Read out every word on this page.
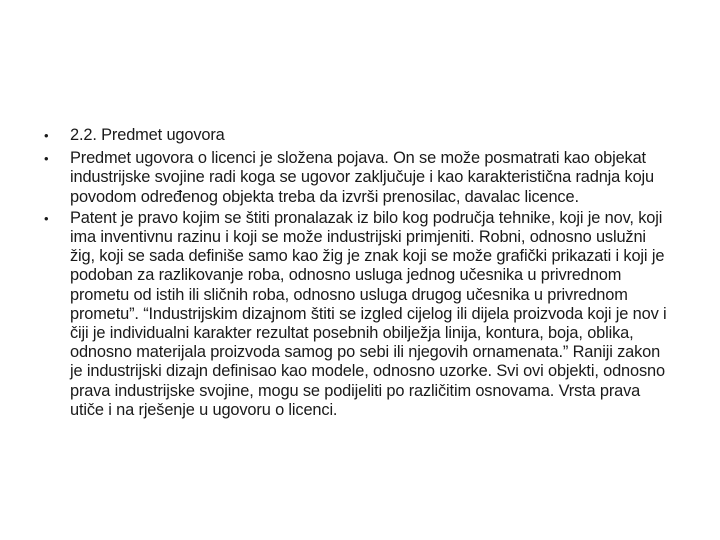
•	2.2. Predmet ugovora
•	Predmet ugovora o licenci je složena pojava. On se može posmatrati kao objekat industrijske svojine radi koga se ugovor zaključuje i kao karakteristična radnja koju povodom određenog objekta treba da izvrši prenosilac, davalac licence.
•	Patent je pravo kojim se štiti pronalazak iz bilo kog područja tehnike, koji je nov, koji ima inventivnu razinu i koji se može industrijski primjeniti. Robni, odnosno uslužni žig, koji se sada definiše samo kao žig je znak koji se može grafički prikazati i koji je podoban za razlikovanje roba, odnosno usluga jednog učesnika u privrednom prometu od istih ili sličnih roba, odnosno usluga drugog učesnika u privrednom prometu”. “Industrijskim dizajnom štiti se izgled cijelog ili dijela proizvoda koji je nov i čiji je individualni karakter rezultat posebnih obilježja linija, kontura, boja, oblika, odnosno materijala proizvoda samog po sebi ili njegovih ornamenata.” Raniji zakon je industrijski dizajn definisao kao modele, odnosno uzorke. Svi ovi objekti, odnosno prava industrijske svojine, mogu se podijeliti po različitim osnovama. Vrsta prava utiče i na rješenje u ugovoru o licenci.
